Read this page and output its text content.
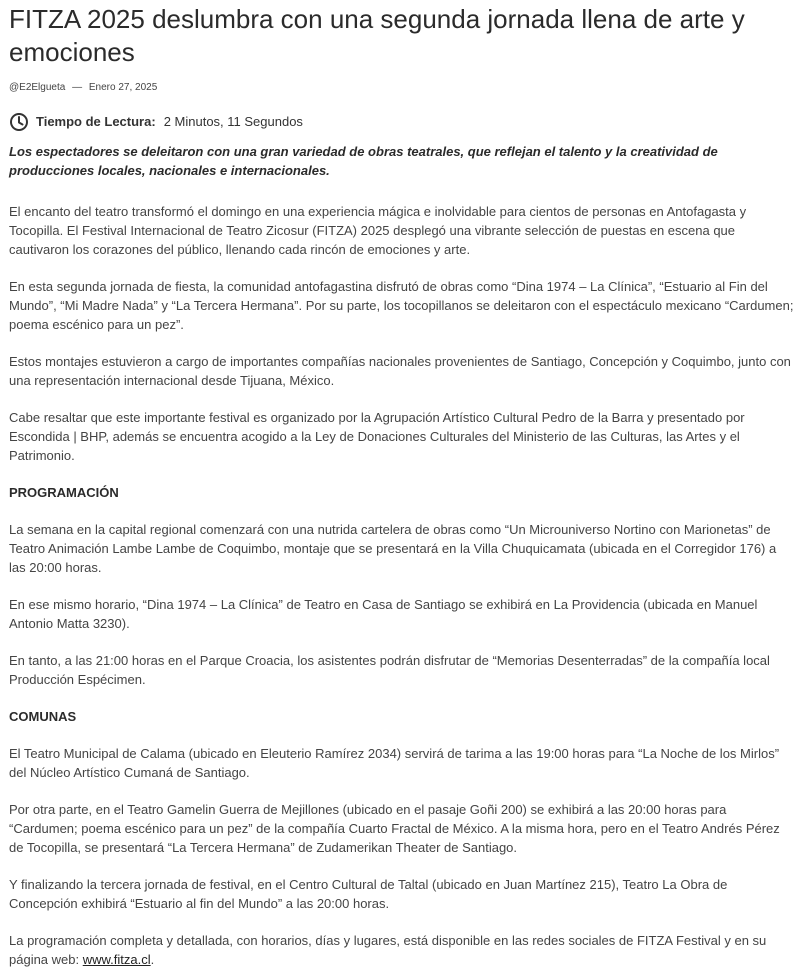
FITZA 2025 deslumbra con una segunda jornada llena de arte y emociones
@E2Elgueta — Enero 27, 2025
Tiempo de Lectura: 2 Minutos, 11 Segundos
Los espectadores se deleitaron con una gran variedad de obras teatrales, que reflejan el talento y la creatividad de producciones locales, nacionales e internacionales.
El encanto del teatro transformó el domingo en una experiencia mágica e inolvidable para cientos de personas en Antofagasta y Tocopilla. El Festival Internacional de Teatro Zicosur (FITZA) 2025 desplegó una vibrante selección de puestas en escena que cautivaron los corazones del público, llenando cada rincón de emociones y arte.
En esta segunda jornada de fiesta, la comunidad antofagastina disfrutó de obras como “Dina 1974 – La Clínica”, “Estuario al Fin del Mundo”, “Mi Madre Nada” y “La Tercera Hermana”. Por su parte, los tocopillanos se deleitaron con el espectáculo mexicano “Cardumen; poema escénico para un pez”.
Estos montajes estuvieron a cargo de importantes compañías nacionales provenientes de Santiago, Concepción y Coquimbo, junto con una representación internacional desde Tijuana, México.
Cabe resaltar que este importante festival es organizado por la Agrupación Artístico Cultural Pedro de la Barra y presentado por Escondida | BHP, además se encuentra acogido a la Ley de Donaciones Culturales del Ministerio de las Culturas, las Artes y el Patrimonio.
PROGRAMACIÓN
La semana en la capital regional comenzará con una nutrida cartelera de obras como “Un Microuniverso Nortino con Marionetas” de Teatro Animación Lambe Lambe de Coquimbo, montaje que se presentará en la Villa Chuquicamata (ubicada en el Corregidor 176) a las 20:00 horas.
En ese mismo horario, “Dina 1974 – La Clínica” de Teatro en Casa de Santiago se exhibirá en La Providencia (ubicada en Manuel Antonio Matta 3230).
En tanto, a las 21:00 horas en el Parque Croacia, los asistentes podrán disfrutar de “Memorias Desenterradas” de la compañía local Producción Espécimen.
COMUNAS
El Teatro Municipal de Calama (ubicado en Eleuterio Ramírez 2034) servirá de tarima a las 19:00 horas para “La Noche de los Mirlos” del Núcleo Artístico Cumaná de Santiago.
Por otra parte, en el Teatro Gamelin Guerra de Mejillones (ubicado en el pasaje Goñi 200) se exhibirá a las 20:00 horas para “Cardumen; poema escénico para un pez” de la compañía Cuarto Fractal de México. A la misma hora, pero en el Teatro Andrés Pérez de Tocopilla, se presentará “La Tercera Hermana” de Zudamerikan Theater de Santiago.
Y finalizando la tercera jornada de festival, en el Centro Cultural de Taltal (ubicado en Juan Martínez 215), Teatro La Obra de Concepción exhibirá “Estuario al fin del Mundo” a las 20:00 horas.
La programación completa y detallada, con horarios, días y lugares, está disponible en las redes sociales de FITZA Festival y en su página web: www.fitza.cl.
